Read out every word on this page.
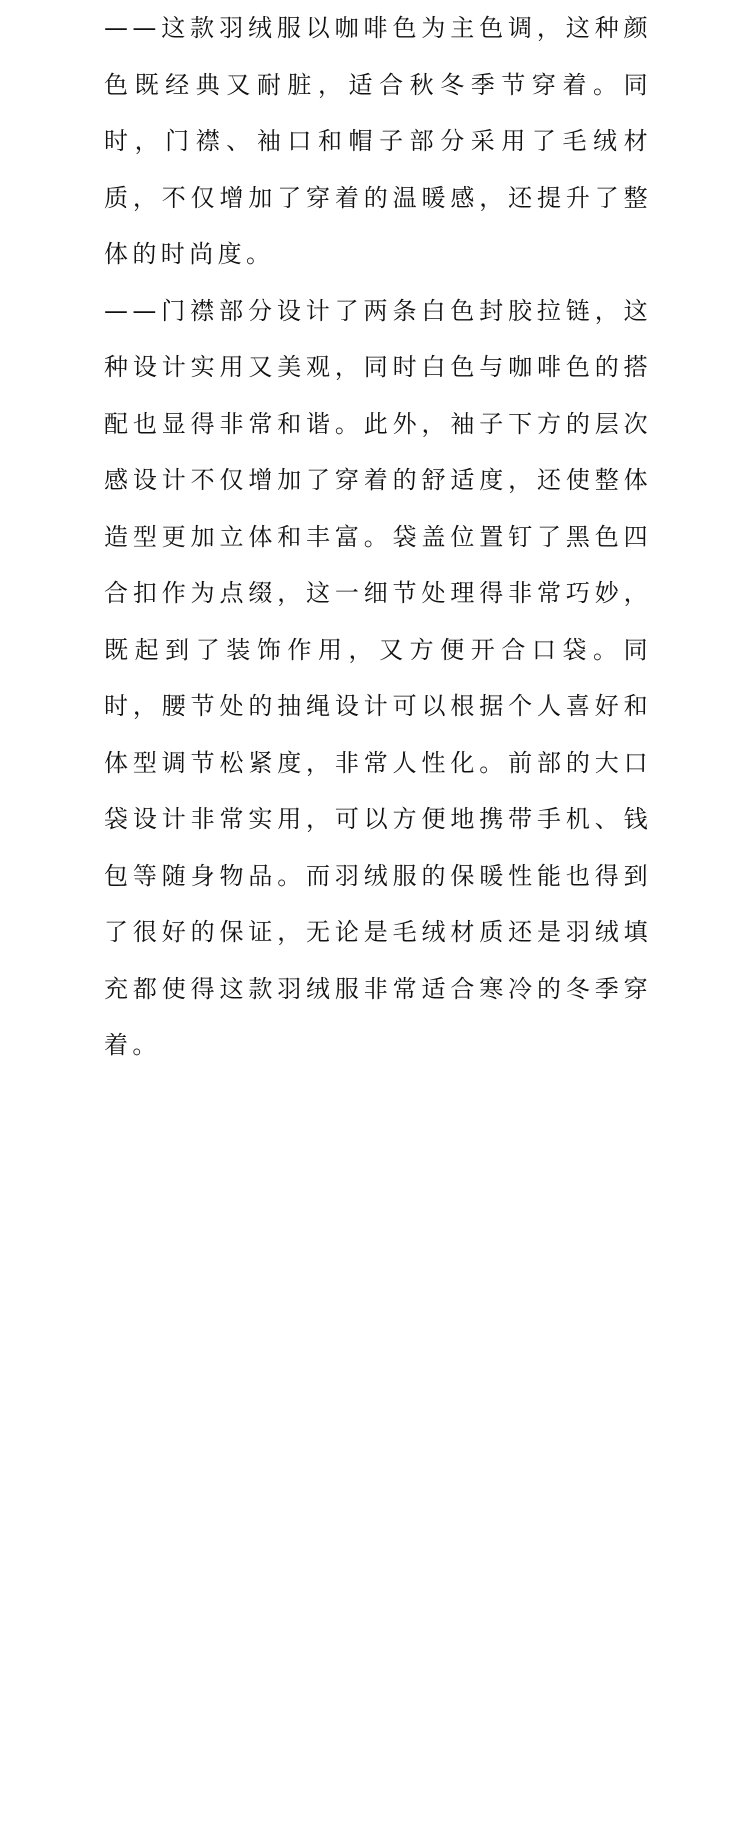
——这款羽绒服以咖啡色为主色调，这种颜色既经典又耐脏，适合秋冬季节穿着。同时，门襟、袖口和帽子部分采用了毛绒材质，不仅增加了穿着的温暖感，还提升了整体的时尚度。

——门襟部分设计了两条白色封胶拉链，这种设计实用又美观，同时白色与咖啡色的搭配也显得非常和谐。此外，袖子下方的层次感设计不仅增加了穿着的舒适度，还使整体造型更加立体和丰富。袋盖位置钉了黑色四合扣作为点缀，这一细节处理得非常巧妙，既起到了装饰作用，又方便开合口袋。同时，腰节处的抽绳设计可以根据个人喜好和体型调节松紧度，非常人性化。前部的大口袋设计非常实用，可以方便地携带手机、钱包等随身物品。而羽绒服的保暖性能也得到了很好的保证，无论是毛绒材质还是羽绒填充都使得这款羽绒服非常适合寒冷的冬季穿着。
